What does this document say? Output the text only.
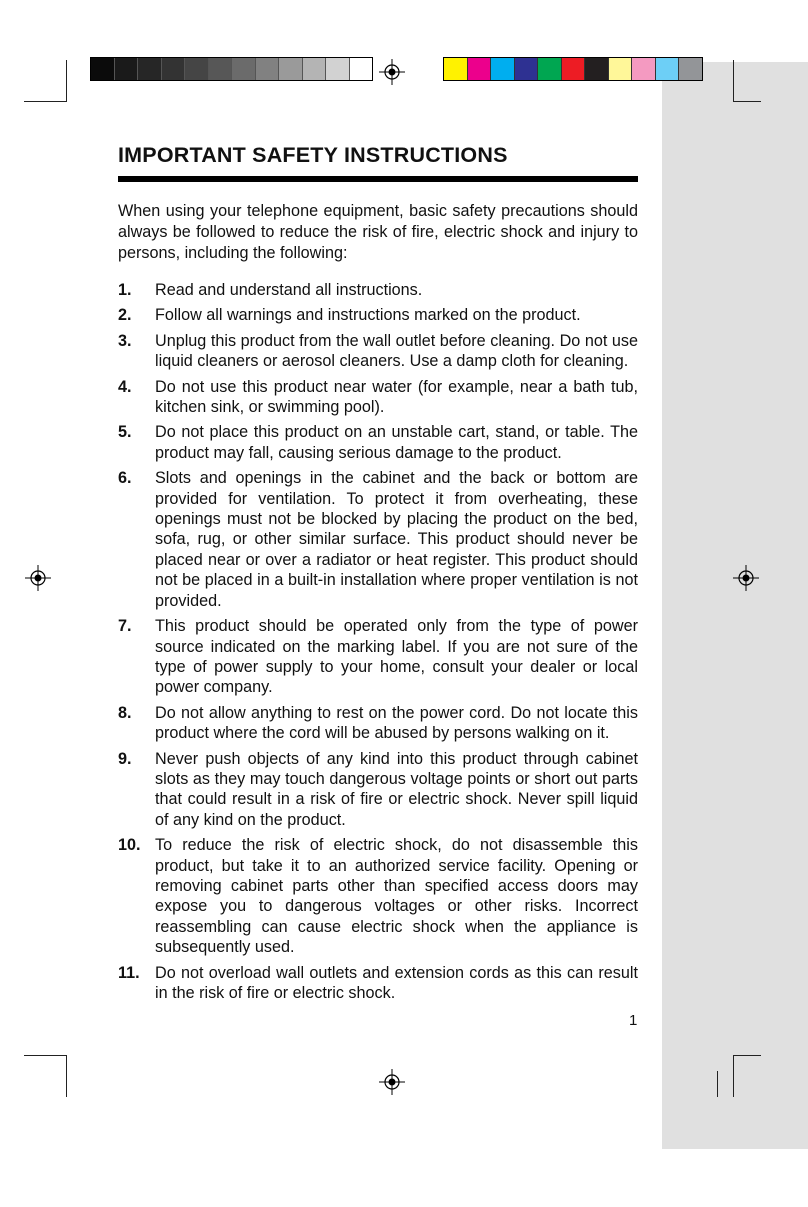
IMPORTANT SAFETY INSTRUCTIONS

When using your telephone equipment, basic safety precautions should always be followed to reduce the risk of fire, electric shock and injury to persons, including the following:

1.	Read and understand all instructions.
2.	Follow all warnings and instructions marked on the product.
3.	Unplug this product from the wall outlet before cleaning. Do not use liquid cleaners or aerosol cleaners. Use a damp cloth for cleaning.
4.	Do not use this product near water (for example, near a bath tub, kitchen sink, or swimming pool).
5.	Do not place this product on an unstable cart, stand, or table. The product may fall, causing serious damage to the product.
6.	Slots and openings in the cabinet and the back or bottom are provided for ventilation. To protect it from overheating, these openings must not be blocked by placing the product on the bed, sofa, rug, or other similar surface. This product should never be placed near or over a radiator or heat register. This product should not be placed in a built-in installation where proper ventilation is not provided.
7.	This product should be operated only from the type of power source indicated on the marking label. If you are not sure of the type of power supply to your home, consult your dealer or local power company.
8.	Do not allow anything to rest on the power cord. Do not locate this product where the cord will be abused by persons walking on it.
9.	Never push objects of any kind into this product through cabinet slots as they may touch dangerous voltage points or short out parts that could result in a risk of fire or electric shock. Never spill liquid of any kind on the product.
10. To reduce the risk of electric shock, do not disassemble this product, but take it to an authorized service facility. Opening or removing cabinet parts other than specified access doors may expose you to dangerous voltages or other risks. Incorrect reassembling can cause electric shock when the appliance is subsequently used.
11. Do not overload wall outlets and extension cords as this can result in the risk of fire or electric shock.
1
